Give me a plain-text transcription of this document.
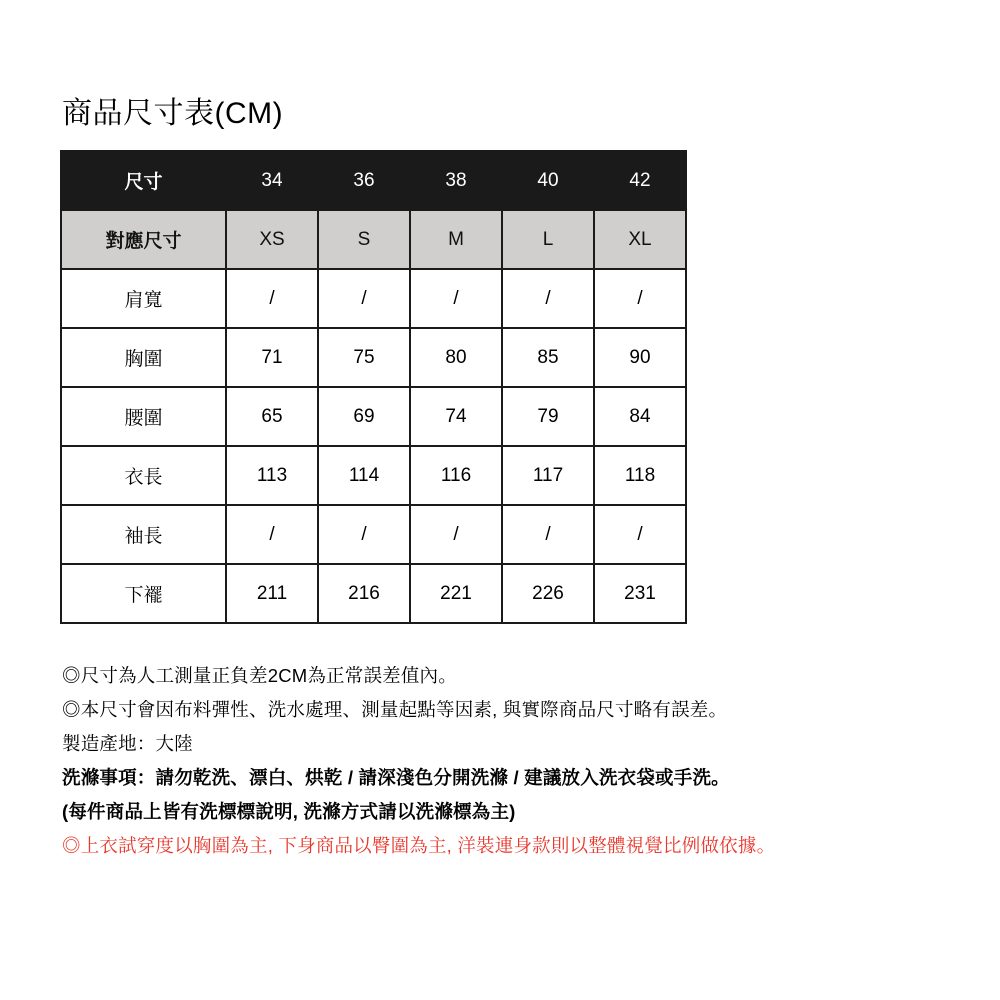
商品尺寸表(CM)
尺寸	34	36	38	40	42
對應尺寸	XS	S	M	L	XL
肩寬	/	/	/	/	/
胸圍	71	75	80	85	90
腰圍	65	69	74	79	84
衣長	113	114	116	117	118
袖長	/	/	/	/	/
下襬	211	216	221	226	231

◎尺寸為人工測量正負差2CM為正常誤差值內。

◎本尺寸會因布料彈性、洗水處理、測量起點等因素, 與實際商品尺寸略有誤差。

製造產地：大陸

洗滌事項：請勿乾洗、漂白、烘乾 / 請深淺色分開洗滌 / 建議放入洗衣袋或手洗。

(每件商品上皆有洗標標說明, 洗滌方式請以洗滌標為主)

◎上衣試穿度以胸圍為主, 下身商品以臀圍為主, 洋裝連身款則以整體視覺比例做依據。
